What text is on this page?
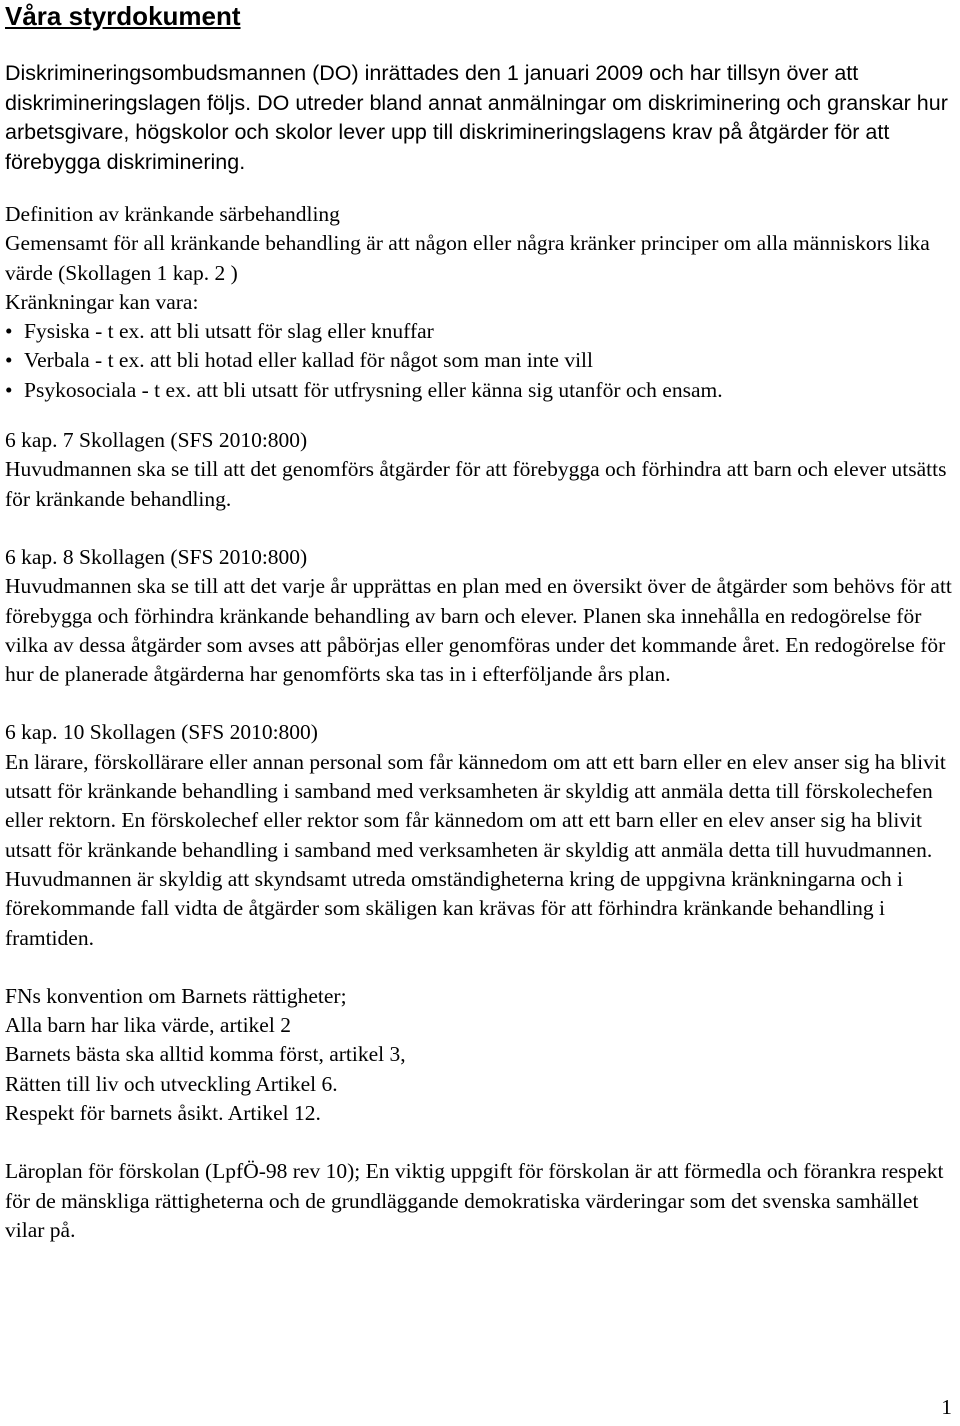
Våra styrdokument

Diskrimineringsombudsmannen (DO) inrättades den 1 januari 2009 och har tillsyn över att diskrimineringslagen följs. DO utreder bland annat anmälningar om diskriminering och granskar hur arbetsgivare, högskolor och skolor lever upp till diskrimineringslagens krav på åtgärder för att förebygga diskriminering.

Definition av kränkande särbehandling

Gemensamt för all kränkande behandling är att någon eller några kränker principer om alla människors lika värde (Skollagen 1 kap. 2 )

Kränkningar kan vara:

• Fysiska - t ex. att bli utsatt för slag eller knuffar
• Verbala - t ex. att bli hotad eller kallad för något som man inte vill
• Psykosociala - t ex. att bli utsatt för utfrysning eller känna sig utanför och ensam.

6 kap. 7 Skollagen (SFS 2010:800)

Huvudmannen ska se till att det genomförs åtgärder för att förebygga och förhindra att barn och elever utsätts för kränkande behandling.

6 kap. 8 Skollagen (SFS 2010:800)

Huvudmannen ska se till att det varje år upprättas en plan med en översikt över de åtgärder som behövs för att förebygga och förhindra kränkande behandling av barn och elever. Planen ska innehålla en redogörelse för vilka av dessa åtgärder som avses att påbörjas eller genomföras under det kommande året. En redogörelse för hur de planerade åtgärderna har genomförts ska tas in i efterföljande års plan.

6 kap. 10 Skollagen (SFS 2010:800)

En lärare, förskollärare eller annan personal som får kännedom om att ett barn eller en elev anser sig ha blivit utsatt för kränkande behandling i samband med verksamheten är skyldig att anmäla detta till förskolechefen eller rektorn. En förskolechef eller rektor som får kännedom om att ett barn eller en elev anser sig ha blivit utsatt för kränkande behandling i samband med verksamheten är skyldig att anmäla detta till huvudmannen. Huvudmannen är skyldig att skyndsamt utreda omständigheterna kring de uppgivna kränkningarna och i förekommande fall vidta de åtgärder som skäligen kan krävas för att förhindra kränkande behandling i framtiden.

FNs konvention om Barnets rättigheter;

Alla barn har lika värde, artikel 2

Barnets bästa ska alltid komma först, artikel 3,

Rätten till liv och utveckling Artikel 6.

Respekt för barnets åsikt. Artikel 12.

Läroplan för förskolan (LpfÖ-98 rev 10); En viktig uppgift för förskolan är att förmedla och förankra respekt för de mänskliga rättigheterna och de grundläggande demokratiska värderingar som det svenska samhället vilar på.

1
